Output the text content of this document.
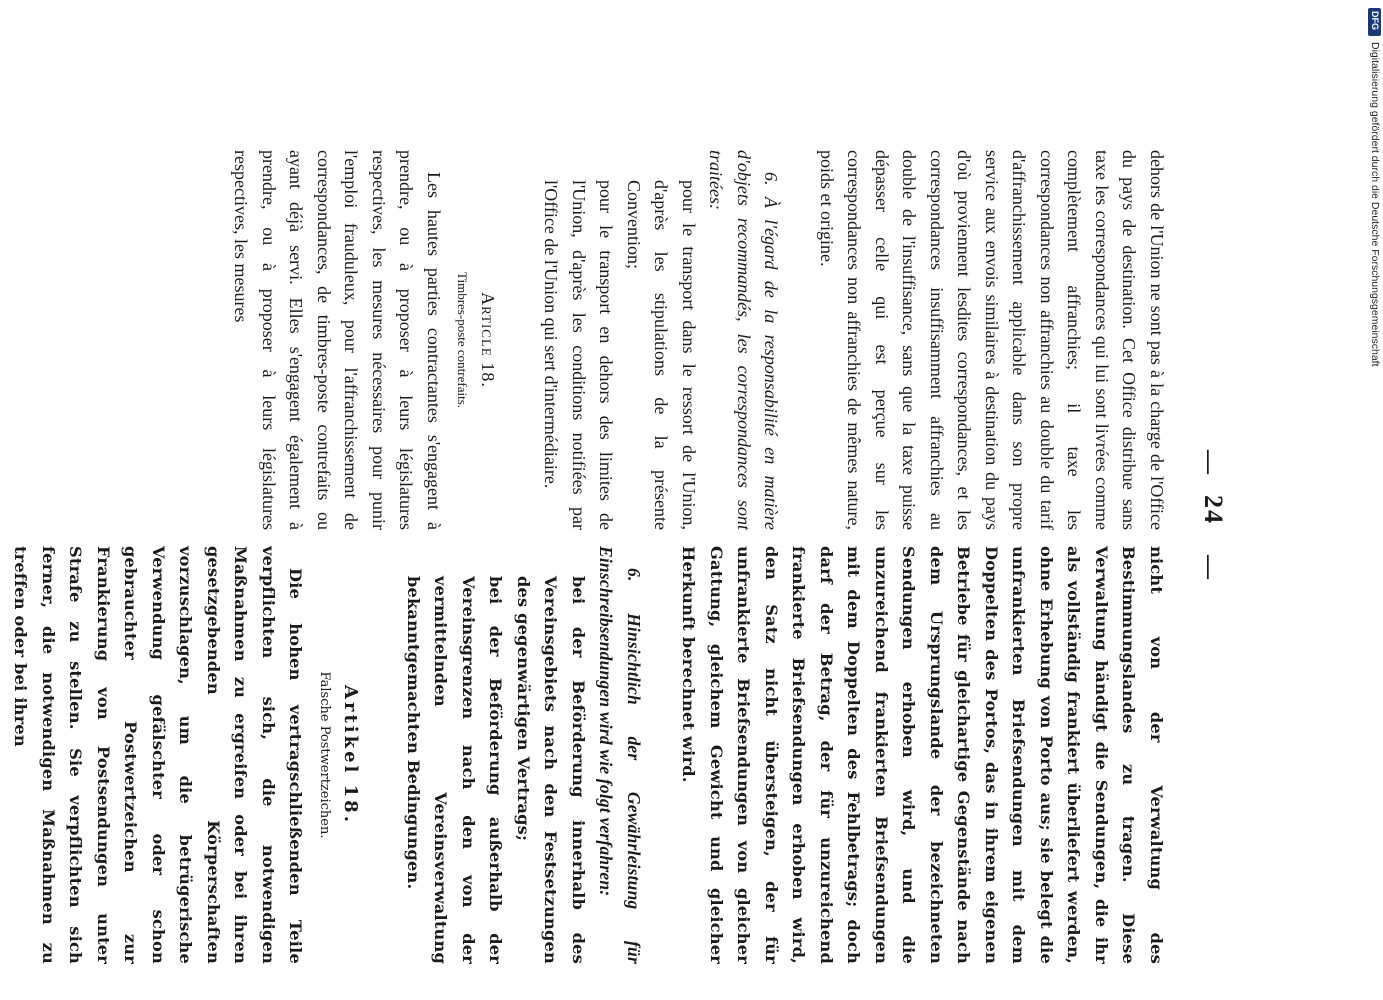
—
24
—

dehors de l'Union ne sont pas à la charge de l'Office du pays de destination. Cet Office distribue sans taxe les correspondances qui lui sont livrées comme complètement affranchies; il taxe les correspondances non affranchies au double du tarif d'affranchissement applicable dans son propre service aux envois similaires à destination du pays d'où proviennent lesdites correspondances, et les correspondances insuffisamment affranchies au double de l'insuffisance, sans que la taxe puisse dépasser celle qui est perçue sur les correspondances non affranchies de mêmes nature, poids et origine.

6. À l'égard de la responsabilité en matière d'objets recommandés, les correspondances sont traitées:

pour le transport dans le ressort de l'Union, d'après les stipulations de la présente Convention;

pour le transport en dehors des limites de l'Union, d'après les conditions notifiées par l'Office de l'Union qui sert d'intermédiaire.

Article 18.
Timbres-poste contrefaits.

Les hautes parties contractantes s'engagent à prendre, ou à proposer à leurs législatures respectives, les mesures nécessaires pour punir l'emploi frauduleux, pour l'affranchissement de correspondances, de timbres-poste contrefaits ou ayant déjà servi. Elles s'engagent également à prendre, ou à proposer à leurs législatures respectives, les mesures

nicht von der Verwaltung des Bestimmungslandes zu tragen. Diese Verwaltung händigt die Sendungen, die ihr als vollständig frankiert überliefert werden, ohne Erhebung von Porto aus; sie belegt die unfrankierten Briefsendungen mit dem Doppelten des Portos, das in ihrem eigenen Betriebe für gleichartige Gegenstände nach dem Ursprungslande der bezeichneten Sendungen erhoben wird, und die unzureichend frankierten Briefsendungen mit dem Doppelten des Fehlbetrags; doch darf der Betrag, der für unzureichend frankierte Briefsendungen erhoben wird, den Satz nicht übersteigen, der für unfrankierte Briefsendungen von gleicher Gattung, gleichem Gewicht und gleicher Herkunft berechnet wird.

6. Hinsichtlich der Gewährleistung für Einschreibsendungen wird wie folgt verfahren:

bei der Beförderung innerhalb des Vereinsgebiets nach den Festsetzungen des gegenwärtigen Vertrags;

bei der Beförderung außerhalb der Vereinsgrenzen nach den von der vermittelnden Vereinsverwaltung bekanntgemachten Bedingungen.

Artikel 18.
Falsche Postwertzeichen.

Die hohen vertragschließenden Teile verpflichten sich, die notwendigen Maßnahmen zu ergreifen oder bei ihren gesetzgebenden Körperschaften vorzuschlagen, um die betrügerische Verwendung gefälschter oder schon gebrauchter Postwertzeichen zur Frankierung von Postsendungen unter Strafe zu stellen. Sie verpflichten sich ferner, die notwendigen Maßnahmen zu treffen oder bei ihren

DFG
Digitalisierung gefördert durch die Deutsche Forschungsgemeinschaft
